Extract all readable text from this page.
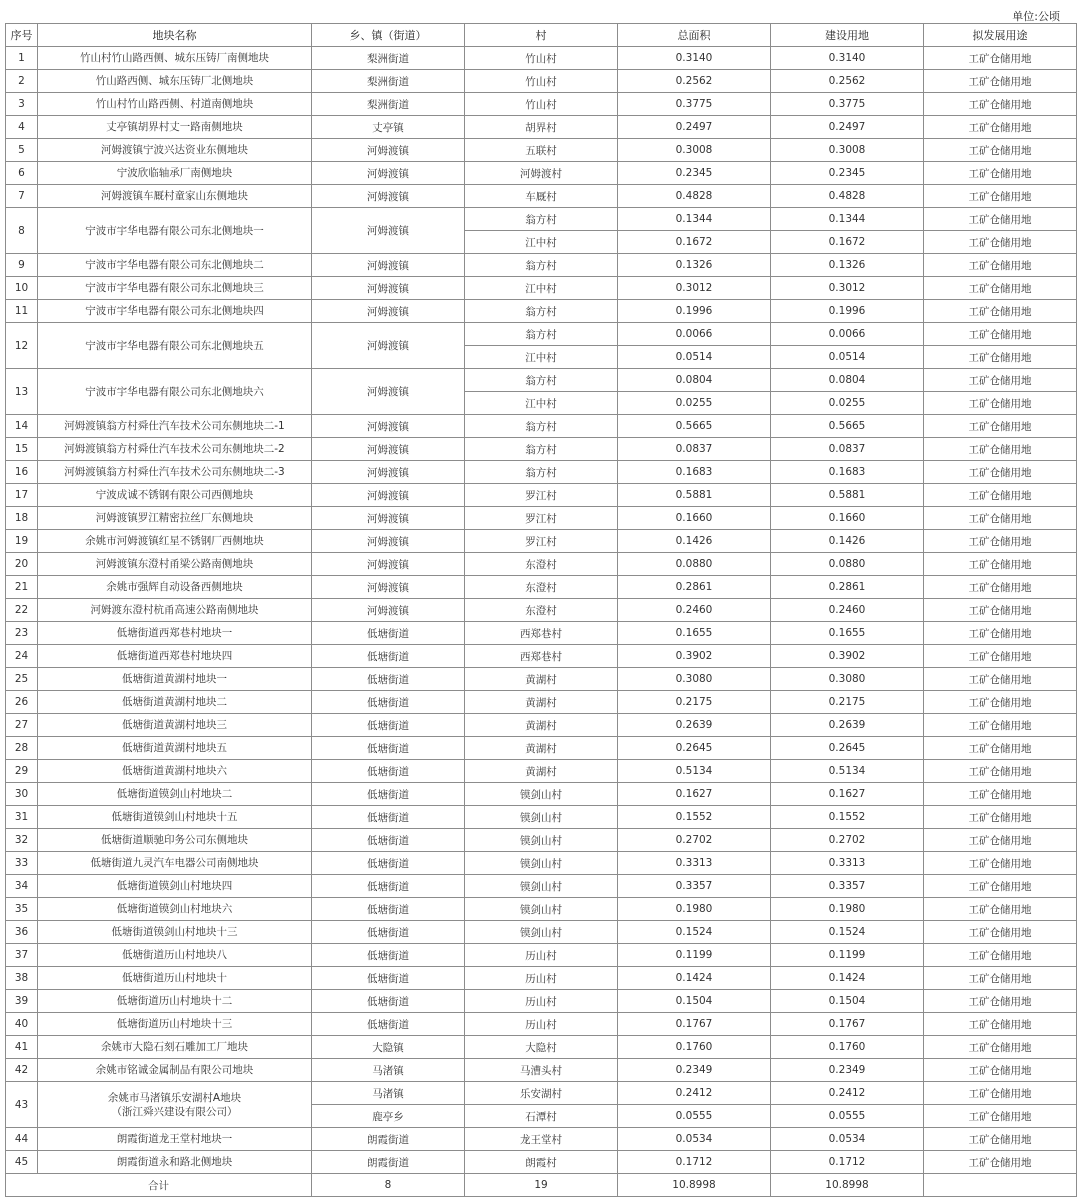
单位:公顷
序号	地块名称	乡、镇（街道）	村	总面积	建设用地	拟发展用途
1	竹山村竹山路西侧、城东压铸厂南侧地块	梨洲街道	竹山村	0.3140	0.3140	工矿仓储用地
2	竹山路西侧、城东压铸厂北侧地块	梨洲街道	竹山村	0.2562	0.2562	工矿仓储用地
3	竹山村竹山路西侧、村道南侧地块	梨洲街道	竹山村	0.3775	0.3775	工矿仓储用地
4	丈亭镇胡界村丈一路南侧地块	丈亭镇	胡界村	0.2497	0.2497	工矿仓储用地
5	河姆渡镇宁波兴达资业东侧地块	河姆渡镇	五联村	0.3008	0.3008	工矿仓储用地
6	宁波欣临轴承厂南侧地块	河姆渡镇	河姆渡村	0.2345	0.2345	工矿仓储用地
7	河姆渡镇车厩村童家山东侧地块	河姆渡镇	车厩村	0.4828	0.4828	工矿仓储用地
8	宁波市宇华电器有限公司东北侧地块一	河姆渡镇	翁方村	0.1344	0.1344	工矿仓储用地
			江中村	0.1672	0.1672	工矿仓储用地
9	宁波市宇华电器有限公司东北侧地块二	河姆渡镇	翁方村	0.1326	0.1326	工矿仓储用地
10	宁波市宇华电器有限公司东北侧地块三	河姆渡镇	江中村	0.3012	0.3012	工矿仓储用地
11	宁波市宇华电器有限公司东北侧地块四	河姆渡镇	翁方村	0.1996	0.1996	工矿仓储用地
12	宁波市宇华电器有限公司东北侧地块五	河姆渡镇	翁方村	0.0066	0.0066	工矿仓储用地
			江中村	0.0514	0.0514	工矿仓储用地
13	宁波市宇华电器有限公司东北侧地块六	河姆渡镇	翁方村	0.0804	0.0804	工矿仓储用地
			江中村	0.0255	0.0255	工矿仓储用地
14	河姆渡镇翁方村舜仕汽车技术公司东侧地块二-1	河姆渡镇	翁方村	0.5665	0.5665	工矿仓储用地
15	河姆渡镇翁方村舜仕汽车技术公司东侧地块二-2	河姆渡镇	翁方村	0.0837	0.0837	工矿仓储用地
16	河姆渡镇翁方村舜仕汽车技术公司东侧地块二-3	河姆渡镇	翁方村	0.1683	0.1683	工矿仓储用地
17	宁波成诚不锈钢有限公司西侧地块	河姆渡镇	罗江村	0.5881	0.5881	工矿仓储用地
18	河姆渡镇罗江精密拉丝厂东侧地块	河姆渡镇	罗江村	0.1660	0.1660	工矿仓储用地
19	余姚市河姆渡镇红星不锈钢厂西侧地块	河姆渡镇	罗江村	0.1426	0.1426	工矿仓储用地
20	河姆渡镇东澄村甬梁公路南侧地块	河姆渡镇	东澄村	0.0880	0.0880	工矿仓储用地
21	余姚市强辉自动设备西侧地块	河姆渡镇	东澄村	0.2861	0.2861	工矿仓储用地
22	河姆渡东澄村杭甬高速公路南侧地块	河姆渡镇	东澄村	0.2460	0.2460	工矿仓储用地
23	低塘街道西郑巷村地块一	低塘街道	西郑巷村	0.1655	0.1655	工矿仓储用地
24	低塘街道西郑巷村地块四	低塘街道	西郑巷村	0.3902	0.3902	工矿仓储用地
25	低塘街道黄湖村地块一	低塘街道	黄湖村	0.3080	0.3080	工矿仓储用地
26	低塘街道黄湖村地块二	低塘街道	黄湖村	0.2175	0.2175	工矿仓储用地
27	低塘街道黄湖村地块三	低塘街道	黄湖村	0.2639	0.2639	工矿仓储用地
28	低塘街道黄湖村地块五	低塘街道	黄湖村	0.2645	0.2645	工矿仓储用地
29	低塘街道黄湖村地块六	低塘街道	黄湖村	0.5134	0.5134	工矿仓储用地
30	低塘街道镆剑山村地块二	低塘街道	镆剑山村	0.1627	0.1627	工矿仓储用地
31	低塘街道镆剑山村地块十五	低塘街道	镆剑山村	0.1552	0.1552	工矿仓储用地
32	低塘街道顺驰印务公司东侧地块	低塘街道	镆剑山村	0.2702	0.2702	工矿仓储用地
33	低塘街道九灵汽车电器公司南侧地块	低塘街道	镆剑山村	0.3313	0.3313	工矿仓储用地
34	低塘街道镆剑山村地块四	低塘街道	镆剑山村	0.3357	0.3357	工矿仓储用地
35	低塘街道镆剑山村地块六	低塘街道	镆剑山村	0.1980	0.1980	工矿仓储用地
36	低塘街道镆剑山村地块十三	低塘街道	镆剑山村	0.1524	0.1524	工矿仓储用地
37	低塘街道历山村地块八	低塘街道	历山村	0.1199	0.1199	工矿仓储用地
38	低塘街道历山村地块十	低塘街道	历山村	0.1424	0.1424	工矿仓储用地
39	低塘街道历山村地块十二	低塘街道	历山村	0.1504	0.1504	工矿仓储用地
40	低塘街道历山村地块十三	低塘街道	历山村	0.1767	0.1767	工矿仓储用地
41	余姚市大隐石刻石雕加工厂地块	大隐镇	大隐村	0.1760	0.1760	工矿仓储用地
42	余姚市铭诚金属制品有限公司地块	马渚镇	马漕头村	0.2349	0.2349	工矿仓储用地
43	余姚市马渚镇乐安湖村A地块
（浙江舜兴建设有限公司）	马渚镇	乐安湖村	0.2412	0.2412	工矿仓储用地
		鹿亭乡	石潭村	0.0555	0.0555	工矿仓储用地
44	朗霞街道龙王堂村地块一	朗霞街道	龙王堂村	0.0534	0.0534	工矿仓储用地
45	朗霞街道永和路北侧地块	朗霞街道	朗霞村	0.1712	0.1712	工矿仓储用地
合计		8	19	10.8998	10.8998	
